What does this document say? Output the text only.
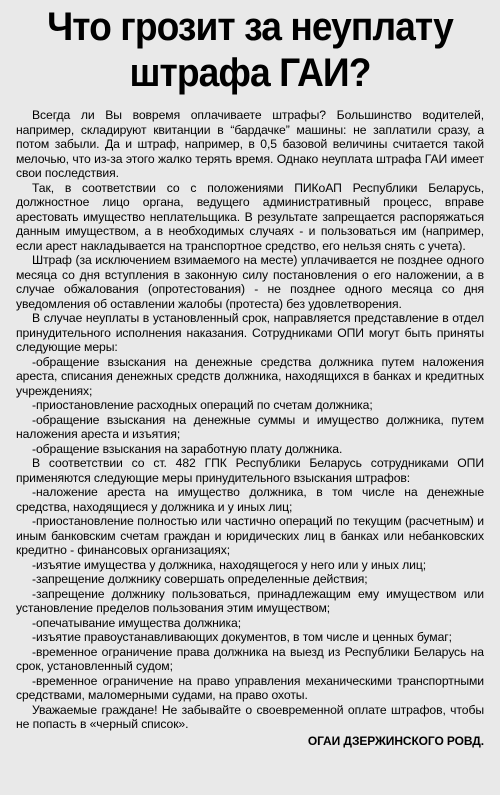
Что грозит за неуплату
штрафа ГАИ?

Всегда ли Вы вовремя оплачиваете штрафы? Большинство водителей, например, складируют квитанции в “бардачке” машины: не заплатили сразу, а потом забыли. Да и штраф, например, в 0,5 базовой величины считается такой мелочью, что из-за этого жалко терять время. Однако неуплата штрафа ГАИ имеет свои последствия.

Так, в соответствии со с положениями ПИКоАП Республики Беларусь, должностное лицо органа, ведущего административный процесс, вправе арестовать имущество неплательщика. В результате запрещается распоряжаться данным имуществом, а в необходимых случаях - и пользоваться им (например, если арест накладывается на транспортное средство, его нельзя снять с учета).

Штраф (за исключением взимаемого на месте) уплачивается не позднее одного месяца со дня вступления в законную силу постановления о его наложении, а в случае обжалования (опротестования) - не позднее одного месяца со дня уведомления об оставлении жалобы (протеста) без удовлетворения.

В случае неуплаты в установленный срок, направляется представление в отдел принудительного исполнения наказания. Сотрудниками ОПИ могут быть приняты следующие меры:

-обращение взыскания на денежные средства должника путем наложения ареста, списания денежных средств должника, находящихся в банках и кредитных учреждениях;

-приостановление расходных операций по счетам должника;

-обращение взыскания на денежные суммы и имущество должника, путем наложения ареста и изъятия;

-обращение взыскания на заработную плату должника.

В соответствии со ст. 482 ГПК Республики Беларусь сотрудниками ОПИ применяются следующие меры принудительного взыскания штрафов:

-наложение ареста на имущество должника, в том числе на денежные средства, находящиеся у должника и у иных лиц;

-приостановление полностью или частично операций по текущим (расчетным) и иным банковским счетам граждан и юридических лиц в банках или небанковских кредитно - финансовых организациях;

-изъятие имущества у должника, находящегося у него или у иных лиц;

-запрещение должнику совершать определенные действия;

-запрещение должнику пользоваться, принадлежащим ему имуществом или установление пределов пользования этим имуществом;

-опечатывание имущества должника;

-изъятие правоустанавливающих документов, в том числе и ценных бумаг;

-временное ограничение права должника на выезд из Республики Беларусь на срок, установленный судом;

-временное ограничение на право управления механическими транспортными средствами, маломерными судами, на право охоты.

Уважаемые граждане! Не забывайте о своевременной оплате штрафов, чтобы не попасть в «черный список».

ОГАИ ДЗЕРЖИНСКОГО РОВД.
